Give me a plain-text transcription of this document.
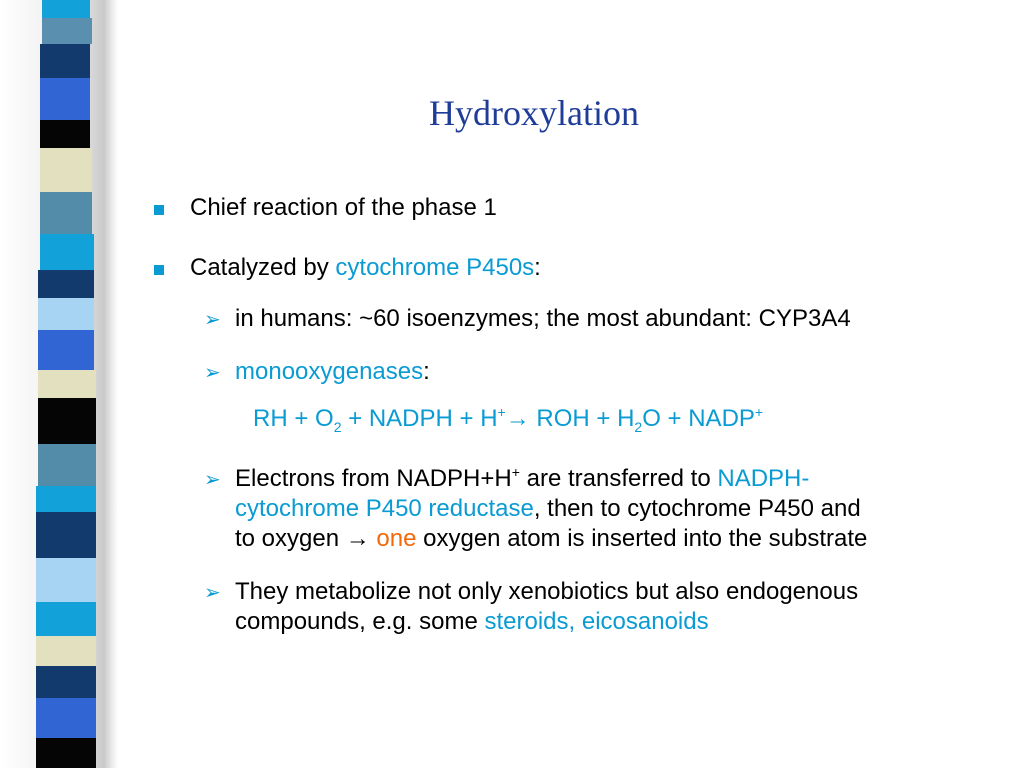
Hydroxylation
Chief reaction of the phase 1
Catalyzed by cytochrome P450s:
➢ in humans: ~60 isoenzymes; the most abundant: CYP3A4
➢ monooxygenases:
RH + $O_2$ + NADPH + H+→ ROH + $H_2O$ + NADP+
➢ Electrons from NADPH+H+ are transferred to NADPH-
cytochrome P450 reductase, then to cytochrome P450 and
to oxygen → one oxygen atom is inserted into the substrate
➢ They metabolize not only xenobiotics but also endogenous
compounds, e.g. some steroids, eicosanoids
